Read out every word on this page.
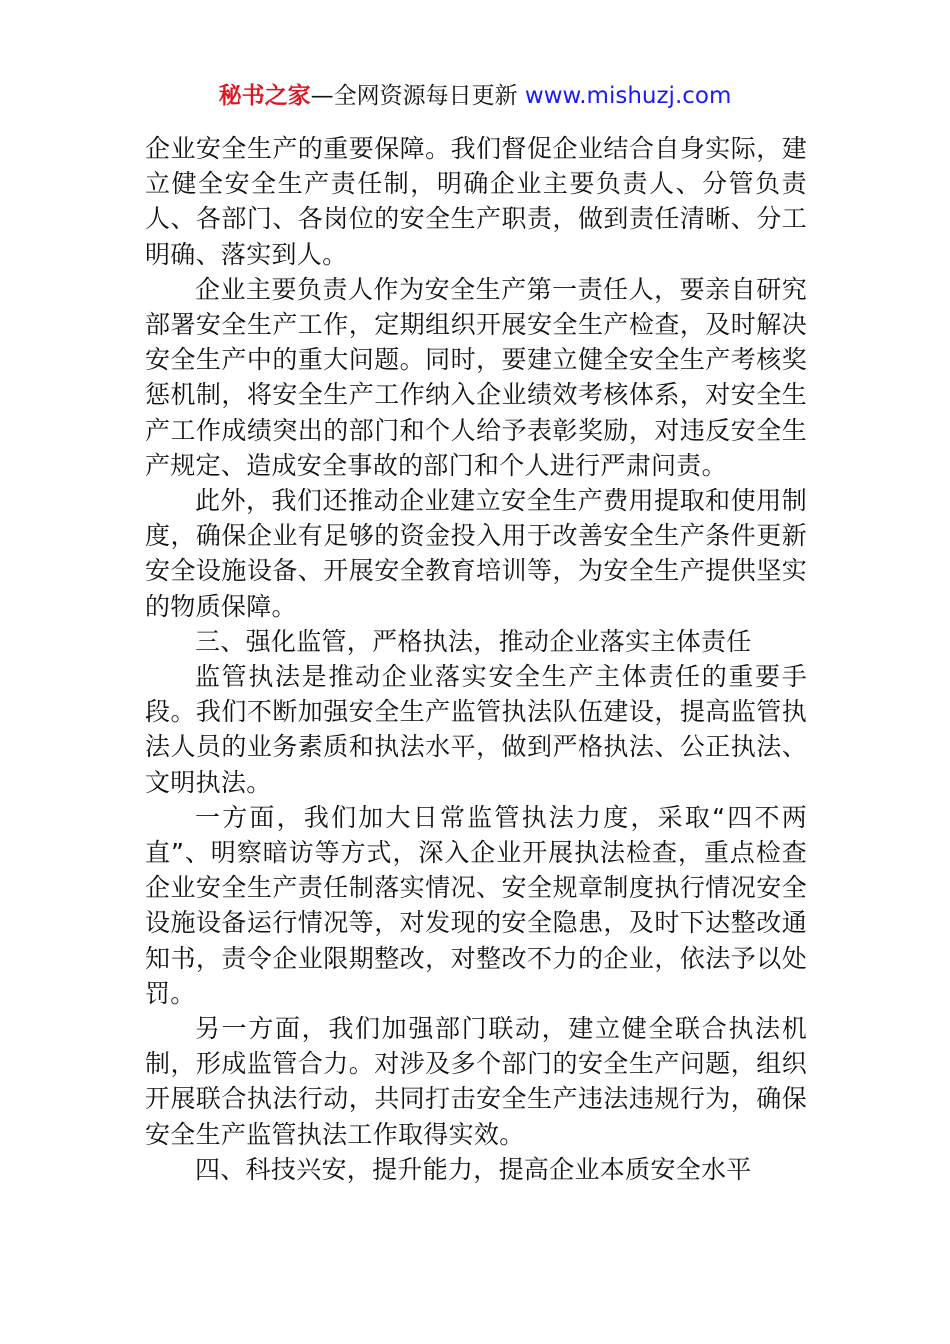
秘书之家—全网资源每日更新 www.mishuzj.com

企业安全生产的重要保障。我们督促企业结合自身实际，建立健全安全生产责任制，明确企业主要负责人、分管负责人、各部门、各岗位的安全生产职责，做到责任清晰、分工明确、落实到人。

企业主要负责人作为安全生产第一责任人，要亲自研究部署安全生产工作，定期组织开展安全生产检查，及时解决安全生产中的重大问题。同时，要建立健全安全生产考核奖惩机制，将安全生产工作纳入企业绩效考核体系，对安全生产工作成绩突出的部门和个人给予表彰奖励，对违反安全生产规定、造成安全事故的部门和个人进行严肃问责。

此外，我们还推动企业建立安全生产费用提取和使用制度，确保企业有足够的资金投入用于改善安全生产条件更新安全设施设备、开展安全教育培训等，为安全生产提供坚实的物质保障。

三、强化监管，严格执法，推动企业落实主体责任

监管执法是推动企业落实安全生产主体责任的重要手段。我们不断加强安全生产监管执法队伍建设，提高监管执法人员的业务素质和执法水平，做到严格执法、公正执法、文明执法。

一方面，我们加大日常监管执法力度，采取“四不两直”、明察暗访等方式，深入企业开展执法检查，重点检查企业安全生产责任制落实情况、安全规章制度执行情况安全设施设备运行情况等，对发现的安全隐患，及时下达整改通知书，责令企业限期整改，对整改不力的企业，依法予以处罚。

另一方面，我们加强部门联动，建立健全联合执法机制，形成监管合力。对涉及多个部门的安全生产问题，组织开展联合执法行动，共同打击安全生产违法违规行为，确保安全生产监管执法工作取得实效。

四、科技兴安，提升能力，提高企业本质安全水平
